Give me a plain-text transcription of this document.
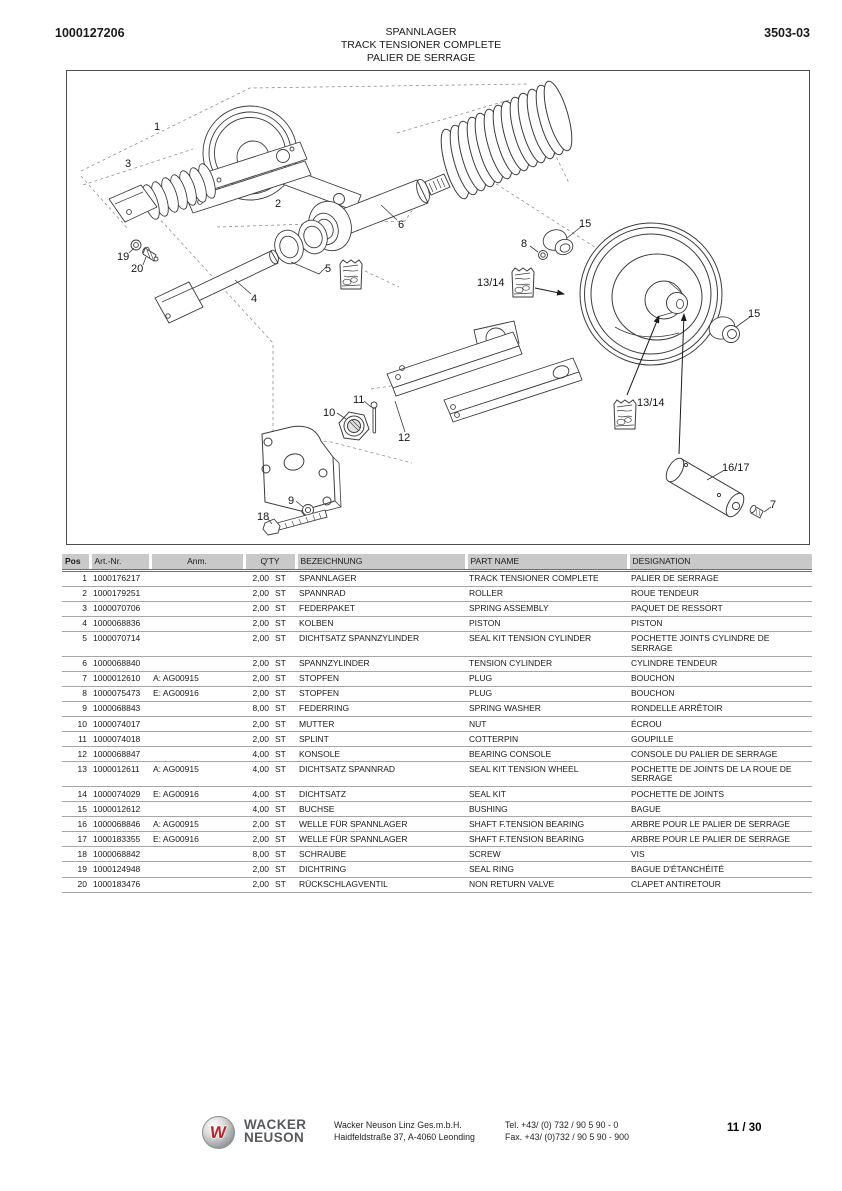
1000127206	SPANNLAGER
TRACK TENSIONER COMPLETE
PALIER DE SERRAGE
3503-03
1
3
2
6	15
8
13/14
15
5
4
19
20
10
11
12
9
18
13/14
16/17
7
Pos	Art.-Nr.	Anm.	Q'TY	BEZEICHNUNG	PART NAME	DESIGNATION
1	1000176217		2,00 ST	SPANNLAGER	TRACK TENSIONER COMPLETE	PALIER DE SERRAGE
2	1000179251		2,00 ST	SPANNRAD	ROLLER	ROUE TENDEUR
3	1000070706		2,00 ST	FEDERPAKET	SPRING ASSEMBLY	PAQUET DE RESSORT
4	1000068836		2,00 ST	KOLBEN	PISTON	PISTON
5	1000070714		2,00 ST	DICHTSATZ SPANNZYLINDER	SEAL KIT TENSION CYLINDER	POCHETTE JOINTS CYLINDRE DE SERRAGE
6	1000068840		2,00 ST	SPANNZYLINDER	TENSION CYLINDER	CYLINDRE TENDEUR
7	1000012610	A: AG00915	2,00 ST	STOPFEN	PLUG	BOUCHON
8	1000075473	E: AG00916	2,00 ST	STOPFEN	PLUG	BOUCHON
9	1000068843		8,00 ST	FEDERRING	SPRING WASHER	RONDELLE ARRÊTOIR
10	1000074017		2,00 ST	MUTTER	NUT	ÉCROU
11	1000074018		2,00 ST	SPLINT	COTTERPIN	GOUPILLE
12	1000068847		4,00 ST	KONSOLE	BEARING CONSOLE	CONSOLE DU PALIER DE SERRAGE
13	1000012611	A: AG00915	4,00 ST	DICHTSATZ SPANNRAD	SEAL KIT TENSION WHEEL	POCHETTE DE JOINTS DE LA ROUE DE SERRAGE
14	1000074029	E: AG00916	4,00 ST	DICHTSATZ	SEAL KIT	POCHETTE DE JOINTS
15	1000012612		4,00 ST	BUCHSE	BUSHING	BAGUE
16	1000068846	A: AG00915	2,00 ST	WELLE FÜR SPANNLAGER	SHAFT F.TENSION BEARING	ARBRE POUR LE PALIER DE SERRAGE
17	1000183355	E: AG00916	2,00 ST	WELLE FÜR SPANNLAGER	SHAFT F.TENSION BEARING	ARBRE POUR LE PALIER DE SERRAGE
18	1000068842		8,00 ST	SCHRAUBE	SCREW	VIS
19	1000124948		2,00 ST	DICHTRING	SEAL RING	BAGUE D'ÉTANCHÉITÉ
20	1000183476		2,00 ST	RÜCKSCHLAGVENTIL	NON RETURN VALVE	CLAPET ANTIRETOUR
W	WACKER
NEUSON
Wacker Neuson Linz Ges.m.b.H.
Haidfeldstraße 37, A-4060 Leonding
Tel. +43/ (0) 732 / 90 5 90 - 0
Fax. +43/ (0)732 / 90 5 90 - 900
11 / 30
